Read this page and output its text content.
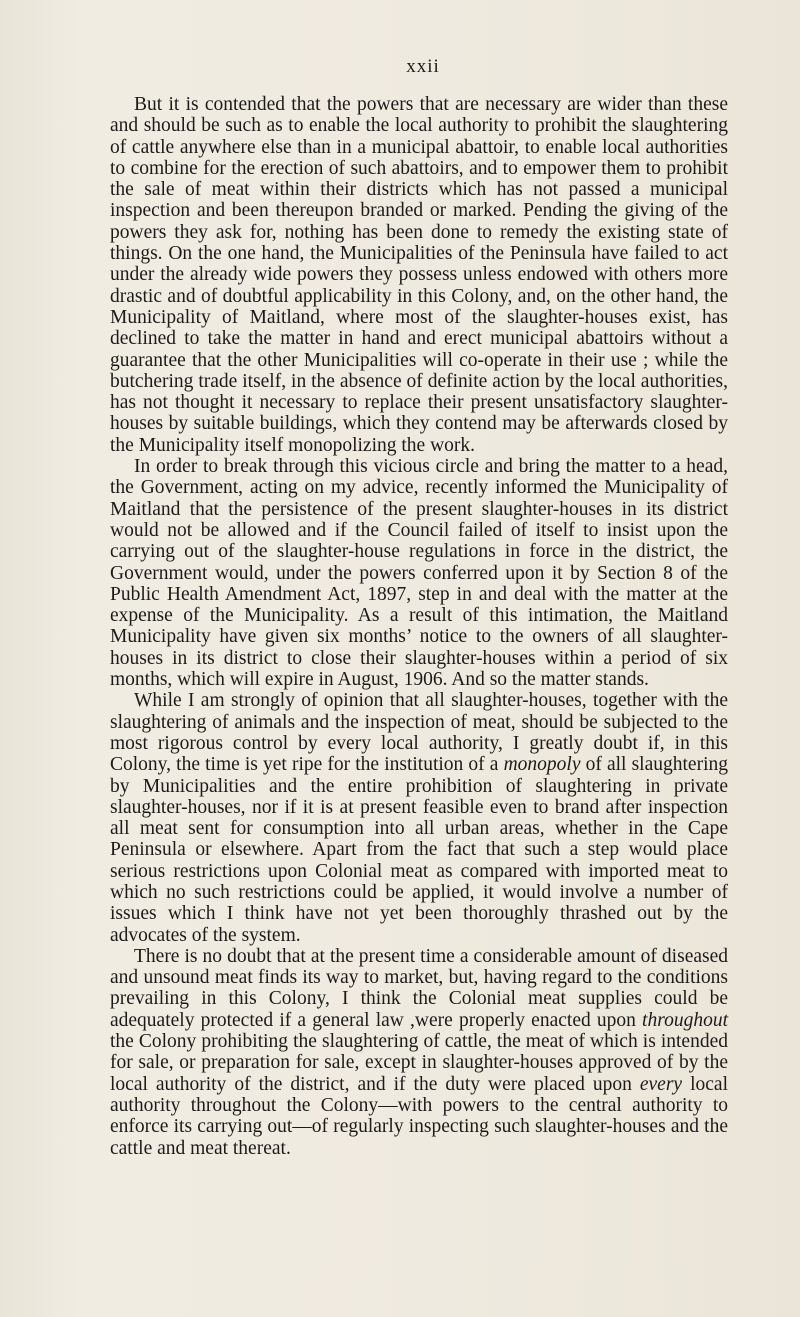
xxii

But it is contended that the powers that are necessary are wider than these and should be such as to enable the local authority to prohibit the slaughtering of cattle anywhere else than in a municipal abattoir, to enable local authorities to combine for the erection of such abattoirs, and to empower them to prohibit the sale of meat within their districts which has not passed a municipal inspection and been thereupon branded or marked. Pending the giving of the powers they ask for, nothing has been done to remedy the existing state of things. On the one hand, the Municipalities of the Peninsula have failed to act under the already wide powers they possess unless endowed with others more drastic and of doubtful applicability in this Colony, and, on the other hand, the Municipality of Maitland, where most of the slaughter-houses exist, has declined to take the matter in hand and erect municipal abattoirs without a guarantee that the other Municipalities will co-operate in their use ; while the butchering trade itself, in the absence of definite action by the local authorities, has not thought it necessary to replace their present unsatisfactory slaughter-houses by suitable buildings, which they contend may be afterwards closed by the Municipality itself monopolizing the work.

In order to break through this vicious circle and bring the matter to a head, the Government, acting on my advice, recently informed the Municipality of Maitland that the persistence of the present slaughter-houses in its district would not be allowed and if the Council failed of itself to insist upon the carrying out of the slaughter-house regulations in force in the district, the Government would, under the powers conferred upon it by Section 8 of the Public Health Amendment Act, 1897, step in and deal with the matter at the expense of the Municipality. As a result of this intimation, the Maitland Municipality have given six months’ notice to the owners of all slaughter-houses in its district to close their slaughter-houses within a period of six months, which will expire in August, 1906. And so the matter stands.

While I am strongly of opinion that all slaughter-houses, together with the slaughtering of animals and the inspection of meat, should be subjected to the most rigorous control by every local authority, I greatly doubt if, in this Colony, the time is yet ripe for the institution of a monopoly of all slaughtering by Municipalities and the entire prohibition of slaughtering in private slaughter-houses, nor if it is at present feasible even to brand after inspection all meat sent for consumption into all urban areas, whether in the Cape Peninsula or elsewhere. Apart from the fact that such a step would place serious restrictions upon Colonial meat as compared with imported meat to which no such restrictions could be applied, it would involve a number of issues which I think have not yet been thoroughly thrashed out by the advocates of the system.

There is no doubt that at the present time a considerable amount of diseased and unsound meat finds its way to market, but, having regard to the conditions prevailing in this Colony, I think the Colonial meat supplies could be adequately protected if a general law ,were properly enacted upon throughout the Colony prohibiting the slaughtering of cattle, the meat of which is intended for sale, or preparation for sale, except in slaughter-houses approved of by the local authority of the district, and if the duty were placed upon every local authority throughout the Colony—with powers to the central authority to enforce its carrying out—of regularly inspecting such slaughter-houses and the cattle and meat thereat.
